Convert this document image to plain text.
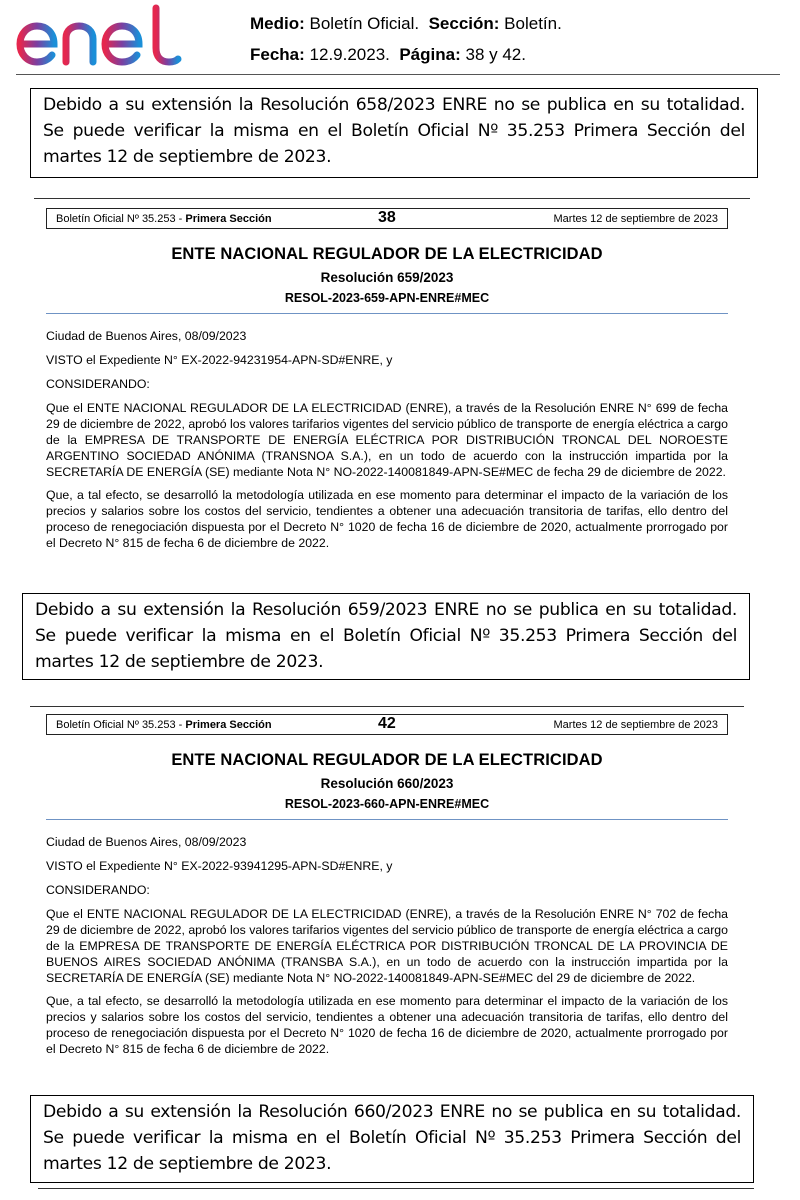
Medio: Boletín Oficial. Sección: Boletín.
Fecha: 12.9.2023. Página: 38 y 42.
Debido a su extensión la Resolución 658/2023 ENRE no se publica en su totalidad. Se puede verificar la misma en el Boletín Oficial Nº 35.253 Primera Sección del martes 12 de septiembre de 2023.
Boletín Oficial Nº 35.253 - Primera Sección	38	Martes 12 de septiembre de 2023
ENTE NACIONAL REGULADOR DE LA ELECTRICIDAD
Resolución 659/2023
RESOL-2023-659-APN-ENRE#MEC

Ciudad de Buenos Aires, 08/09/2023

VISTO el Expediente N° EX-2022-94231954-APN-SD#ENRE, y

CONSIDERANDO:

Que el ENTE NACIONAL REGULADOR DE LA ELECTRICIDAD (ENRE), a través de la Resolución ENRE N° 699 de fecha 29 de diciembre de 2022, aprobó los valores tarifarios vigentes del servicio público de transporte de energía eléctrica a cargo de la EMPRESA DE TRANSPORTE DE ENERGÍA ELÉCTRICA POR DISTRIBUCIÓN TRONCAL DEL NOROESTE ARGENTINO SOCIEDAD ANÓNIMA (TRANSNOA S.A.), en un todo de acuerdo con la instrucción impartida por la SECRETARÍA DE ENERGÍA (SE) mediante Nota N° NO-2022-140081849-APN-SE#MEC de fecha 29 de diciembre de 2022.

Que, a tal efecto, se desarrolló la metodología utilizada en ese momento para determinar el impacto de la variación de los precios y salarios sobre los costos del servicio, tendientes a obtener una adecuación transitoria de tarifas, ello dentro del proceso de renegociación dispuesta por el Decreto N° 1020 de fecha 16 de diciembre de 2020, actualmente prorrogado por el Decreto N° 815 de fecha 6 de diciembre de 2022.

Debido a su extensión la Resolución 659/2023 ENRE no se publica en su totalidad. Se puede verificar la misma en el Boletín Oficial Nº 35.253 Primera Sección del martes 12 de septiembre de 2023.
Boletín Oficial Nº 35.253 - Primera Sección	42	Martes 12 de septiembre de 2023
ENTE NACIONAL REGULADOR DE LA ELECTRICIDAD
Resolución 660/2023
RESOL-2023-660-APN-ENRE#MEC

Ciudad de Buenos Aires, 08/09/2023

VISTO el Expediente N° EX-2022-93941295-APN-SD#ENRE, y

CONSIDERANDO:

Que el ENTE NACIONAL REGULADOR DE LA ELECTRICIDAD (ENRE), a través de la Resolución ENRE N° 702 de fecha 29 de diciembre de 2022, aprobó los valores tarifarios vigentes del servicio público de transporte de energía eléctrica a cargo de la EMPRESA DE TRANSPORTE DE ENERGÍA ELÉCTRICA POR DISTRIBUCIÓN TRONCAL DE LA PROVINCIA DE BUENOS AIRES SOCIEDAD ANÓNIMA (TRANSBA S.A.), en un todo de acuerdo con la instrucción impartida por la SECRETARÍA DE ENERGÍA (SE) mediante Nota N° NO-2022-140081849-APN-SE#MEC del 29 de diciembre de 2022.

Que, a tal efecto, se desarrolló la metodología utilizada en ese momento para determinar el impacto de la variación de los precios y salarios sobre los costos del servicio, tendientes a obtener una adecuación transitoria de tarifas, ello dentro del proceso de renegociación dispuesta por el Decreto N° 1020 de fecha 16 de diciembre de 2020, actualmente prorrogado por el Decreto N° 815 de fecha 6 de diciembre de 2022.

Debido a su extensión la Resolución 660/2023 ENRE no se publica en su totalidad. Se puede verificar la misma en el Boletín Oficial Nº 35.253 Primera Sección del martes 12 de septiembre de 2023.
